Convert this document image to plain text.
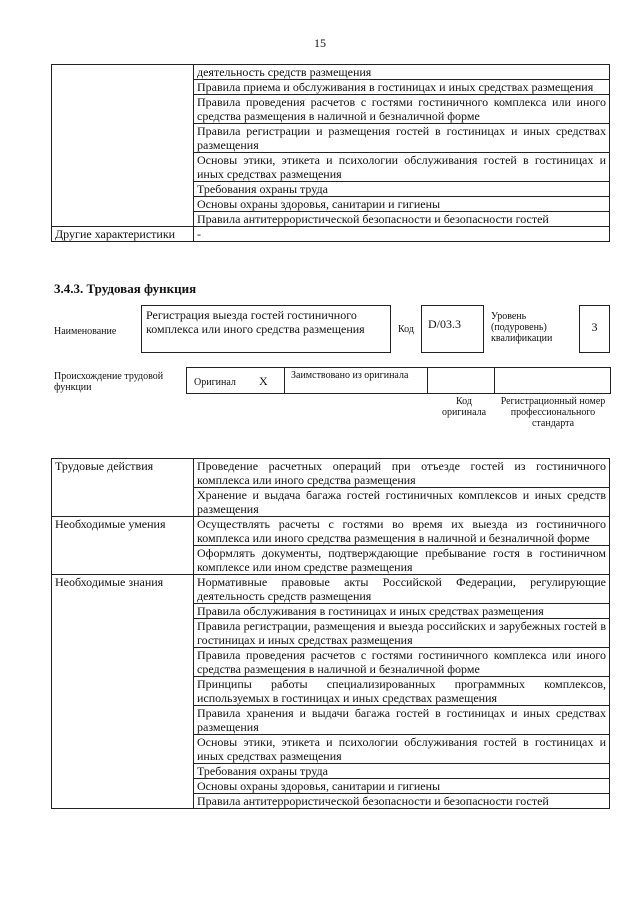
15
	деятельность средств размещения
	Правила приема и обслуживания в гостиницах и иных средствах размещения
	Правила проведения расчетов с гостями гостиничного комплекса или иного средства размещения в наличной и безналичной форме
	Правила регистрации и размещения гостей в гостиницах и иных средствах размещения
	Основы этики, этикета и психологии обслуживания гостей в гостиницах и иных средствах размещения
	Требования охраны труда
	Основы охраны здоровья, санитарии и гигиены
	Правила антитеррористической безопасности и безопасности гостей
Другие характеристики	-
3.4.3. Трудовая функция
Наименование
Регистрация выезда гостей гостиничного комплекса или иного средства размещения	Код	D/03.3
Уровень (подуровень) квалификации
3
Происхождение трудовой функции	Оригинал X	Заимствовано из оригинала
Код оригинала
Регистрационный номер профессионального стандарта
Трудовые действия	Проведение расчетных операций при отъезде гостей из гостиничного комплекса или иного средства размещения
	Хранение и выдача багажа гостей гостиничных комплексов и иных средств размещения
Необходимые умения	Осуществлять расчеты с гостями во время их выезда из гостиничного комплекса или иного средства размещения в наличной и безналичной форме
	Оформлять документы, подтверждающие пребывание гостя в гостиничном комплексе или ином средстве размещения
Необходимые знания	Нормативные правовые акты Российской Федерации, регулирующие деятельность средств размещения
	Правила обслуживания в гостиницах и иных средствах размещения
	Правила регистрации, размещения и выезда российских и зарубежных гостей в гостиницах и иных средствах размещения
	Правила проведения расчетов с гостями гостиничного комплекса или иного средства размещения в наличной и безналичной форме
	Принципы работы специализированных программных комплексов, используемых в гостиницах и иных средствах размещения
	Правила хранения и выдачи багажа гостей в гостиницах и иных средствах размещения
	Основы этики, этикета и психологии обслуживания гостей в гостиницах и иных средствах размещения
	Требования охраны труда
	Основы охраны здоровья, санитарии и гигиены
	Правила антитеррористической безопасности и безопасности гостей
